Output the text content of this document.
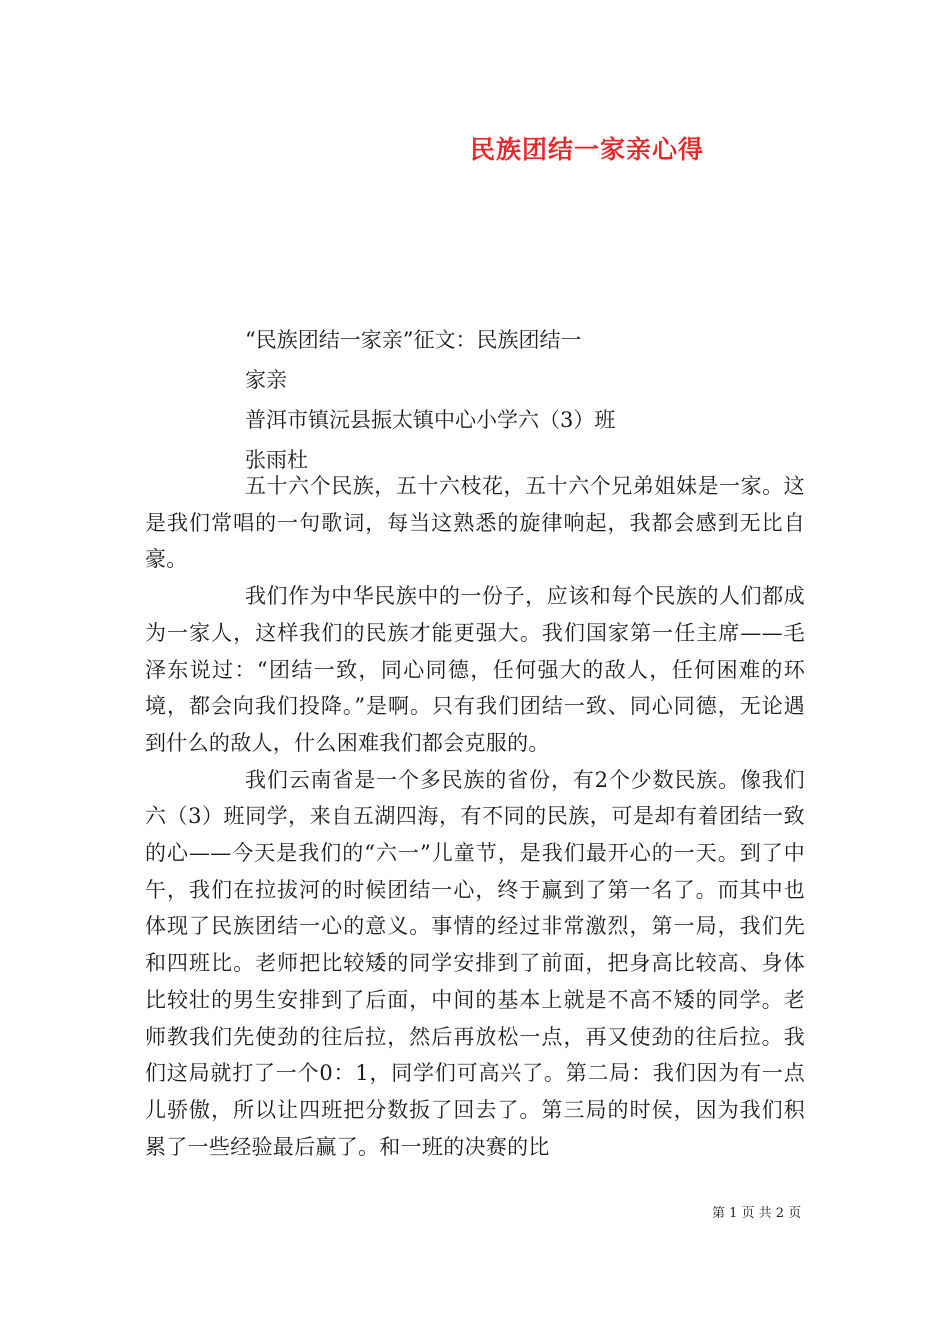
民族团结一家亲心得
“民族团结一家亲”征文：民族团结一
家亲
普洱市镇沅县振太镇中心小学六（3）班
张雨杜

五十六个民族，五十六枝花，五十六个兄弟姐妹是一家。这是我们常唱的一句歌词，每当这熟悉的旋律响起，我都会感到无比自豪。

我们作为中华民族中的一份子，应该和每个民族的人们都成为一家人，这样我们的民族才能更强大。我们国家第一任主席——毛泽东说过：“团结一致，同心同德，任何强大的敌人，任何困难的环境，都会向我们投降。”是啊。只有我们团结一致、同心同德，无论遇到什么的敌人，什么困难我们都会克服的。

我们云南省是一个多民族的省份，有2个少数民族。像我们六（3）班同学，来自五湖四海，有不同的民族，可是却有着团结一致的心——今天是我们的“六一”儿童节，是我们最开心的一天。到了中午，我们在拉拔河的时候团结一心，终于赢到了第一名了。而其中也体现了民族团结一心的意义。事情的经过非常激烈，第一局，我们先和四班比。老师把比较矮的同学安排到了前面，把身高比较高、身体比较壮的男生安排到了后面，中间的基本上就是不高不矮的同学。老师教我们先使劲的往后拉，然后再放松一点，再又使劲的往后拉。我们这局就打了一个0：1，同学们可高兴了。第二局：我们因为有一点儿骄傲，所以让四班把分数扳了回去了。第三局的时侯，因为我们积累了一些经验最后赢了。和一班的决赛的比

第 1 页 共 2 页
